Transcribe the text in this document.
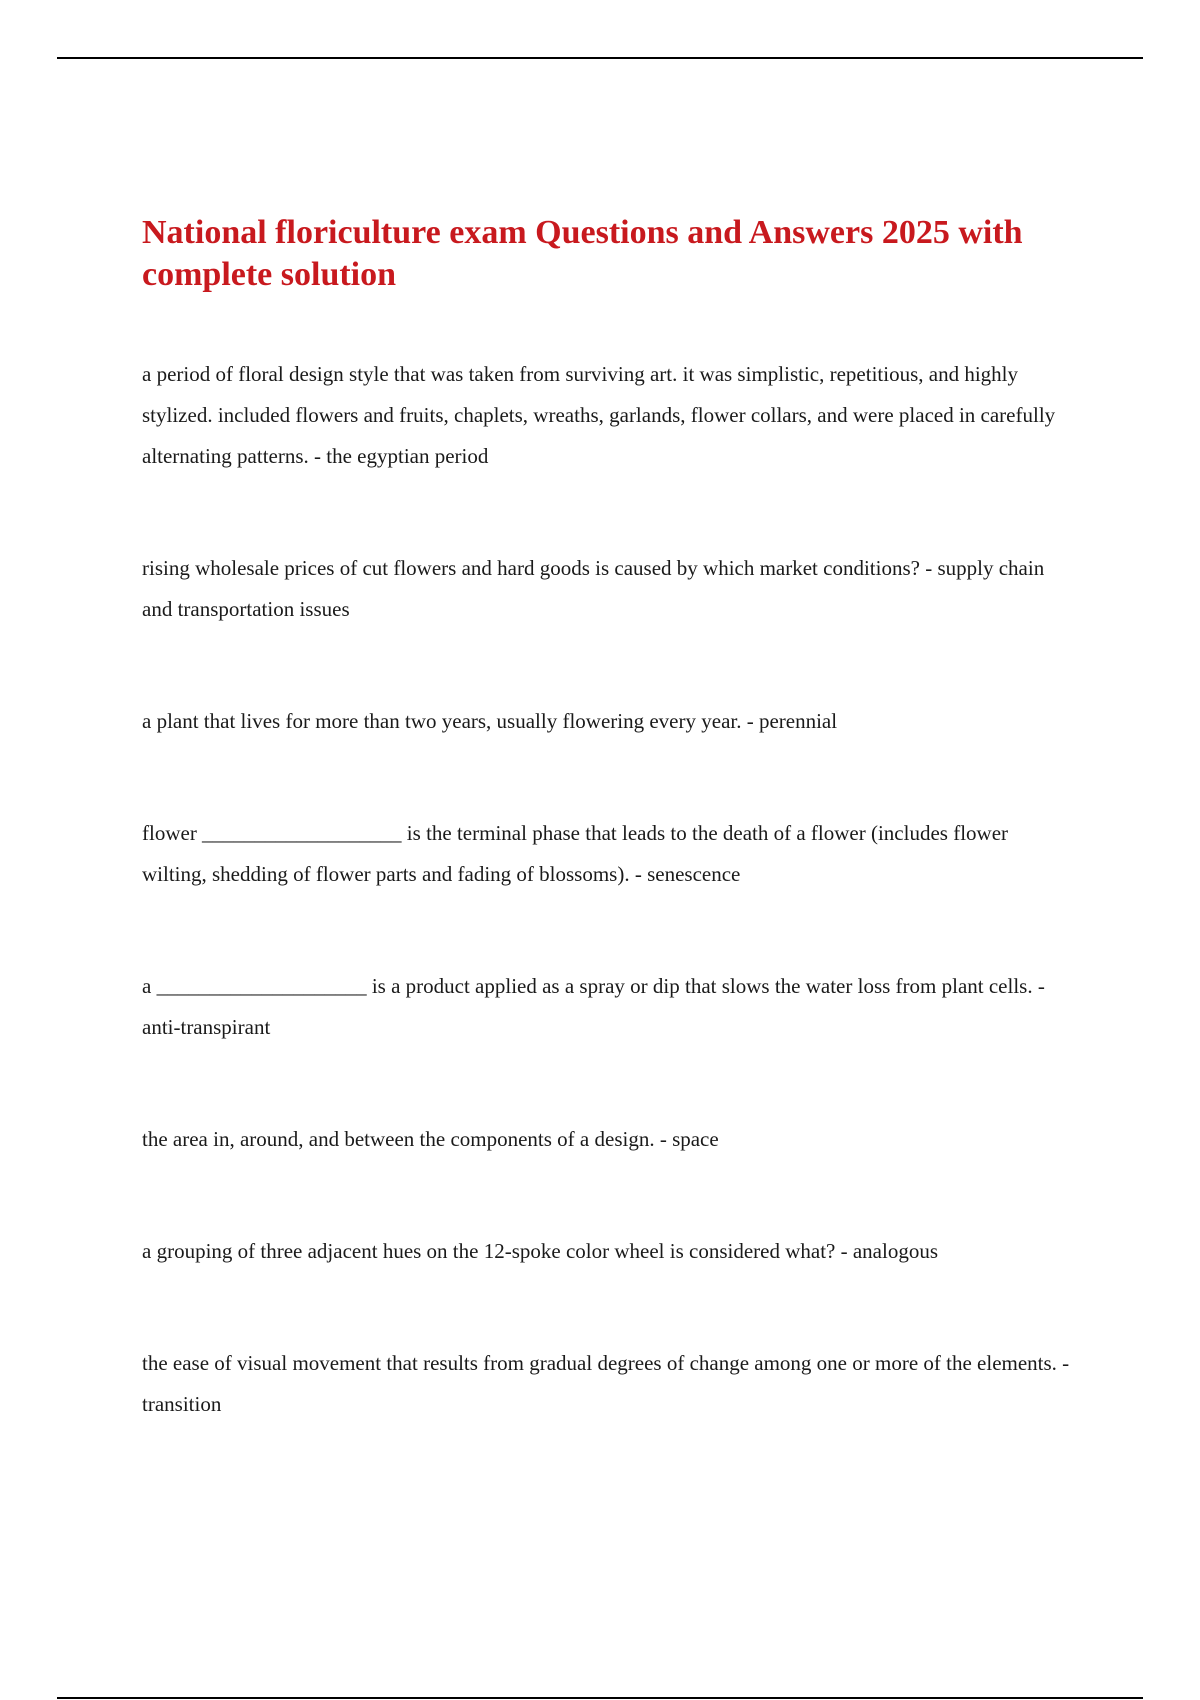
National floriculture exam Questions and Answers 2025 with complete solution
a period of floral design style that was taken from surviving art. it was simplistic, repetitious, and highly stylized. included flowers and fruits, chaplets, wreaths, garlands, flower collars, and were placed in carefully alternating patterns. - the egyptian period
rising wholesale prices of cut flowers and hard goods is caused by which market conditions? - supply chain and transportation issues
a plant that lives for more than two years, usually flowering every year. - perennial
flower ___________________ is the terminal phase that leads to the death of a flower (includes flower wilting, shedding of flower parts and fading of blossoms). - senescence
a ____________________ is a product applied as a spray or dip that slows the water loss from plant cells. - anti-transpirant
the area in, around, and between the components of a design. - space
a grouping of three adjacent hues on the 12-spoke color wheel is considered what? - analogous
the ease of visual movement that results from gradual degrees of change among one or more of the elements. - transition
